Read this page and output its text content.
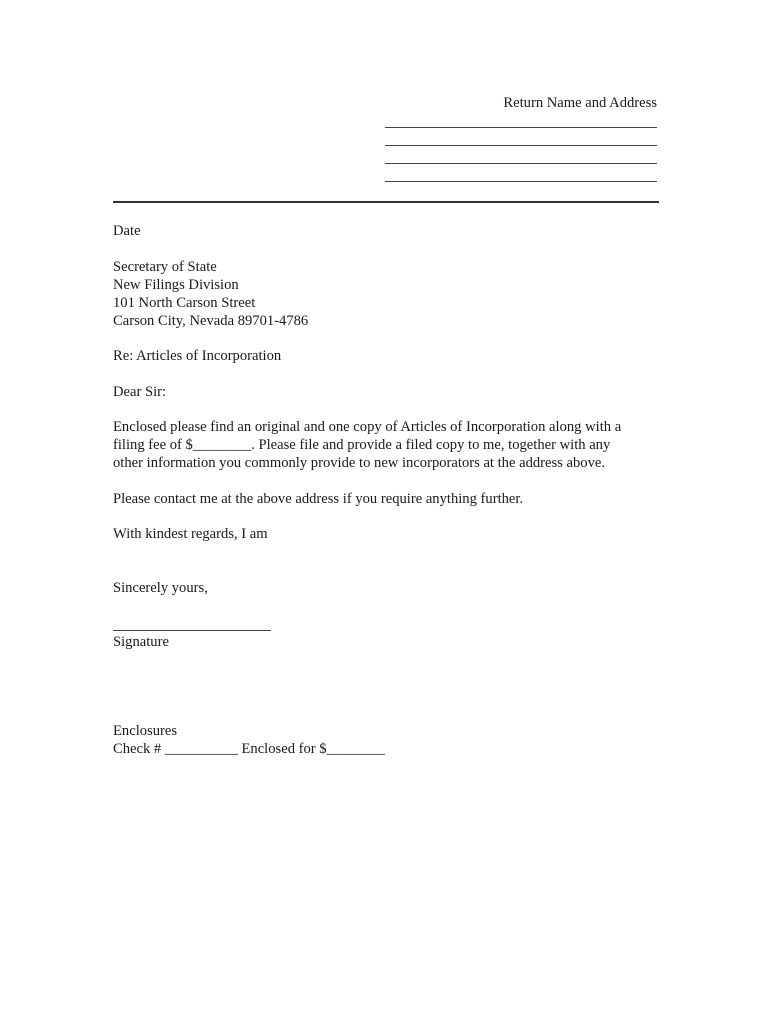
Return Name and Address
Date
Secretary of State
New Filings Division
101 North Carson Street
Carson City, Nevada 89701-4786
Re: Articles of Incorporation
Dear Sir:
Enclosed please find an original and one copy of Articles of Incorporation along with a
filing fee of $________. Please file and provide a filed copy to me, together with any
other information you commonly provide to new incorporators at the address above.
Please contact me at the above address if you require anything further.
With kindest regards, I am
Sincerely yours,
Signature
Enclosures
Check # __________ Enclosed for $________
